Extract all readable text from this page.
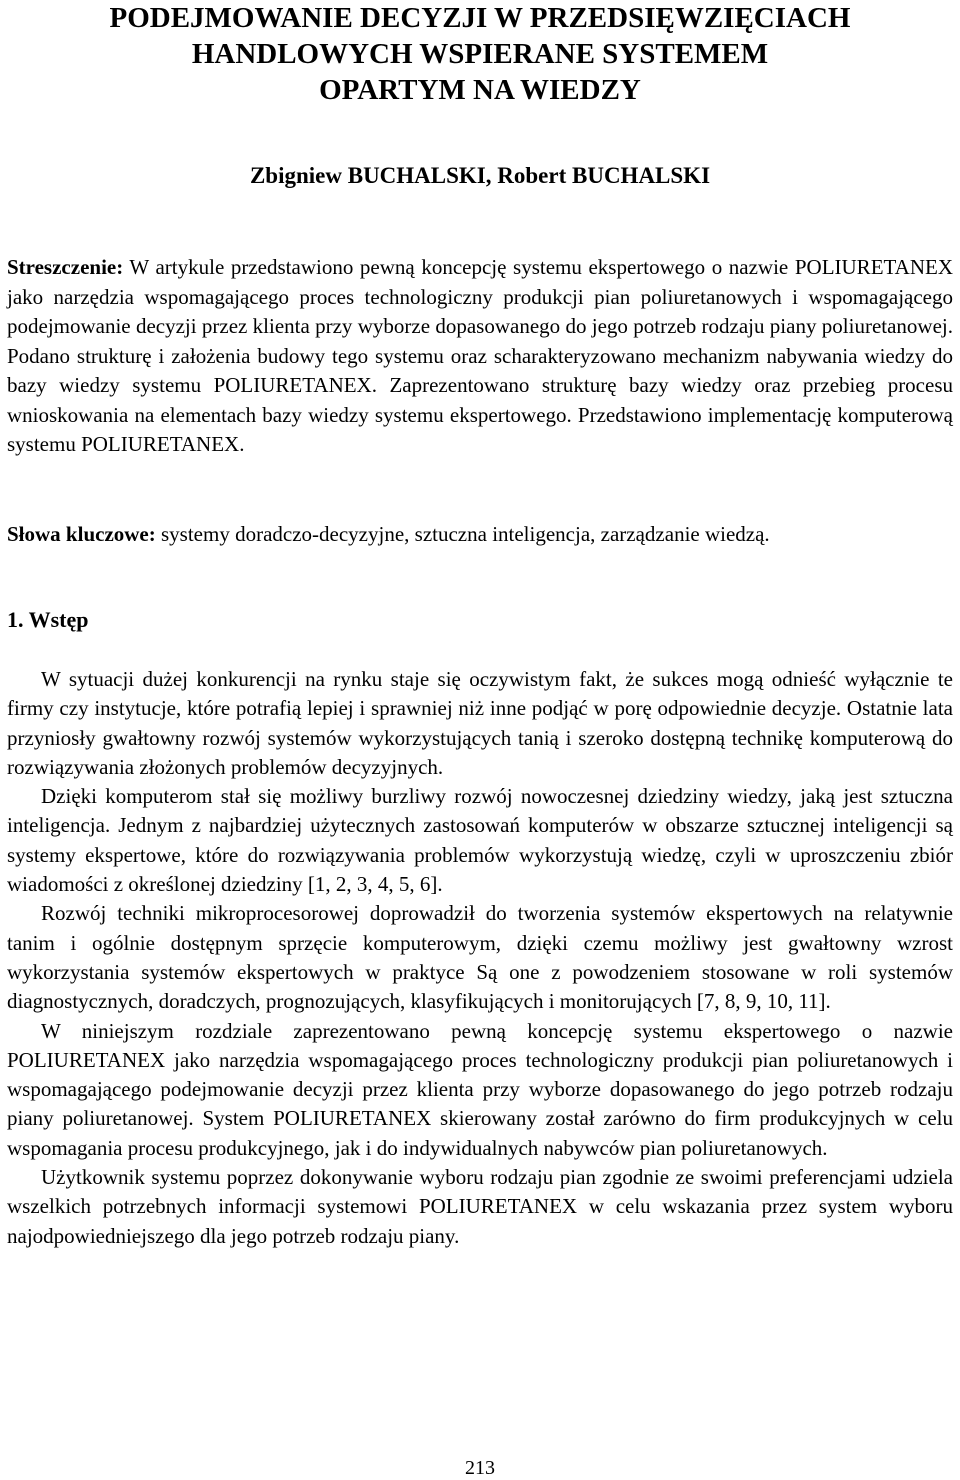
PODEJMOWANIE DECYZJI W PRZEDSIĘWZIĘCIACH
HANDLOWYCH WSPIERANE SYSTEMEM
OPARTYM NA WIEDZY

Zbigniew BUCHALSKI, Robert BUCHALSKI

Streszczenie: W artykule przedstawiono pewną koncepcję systemu ekspertowego o nazwie POLIURETANEX jako narzędzia wspomagającego proces technologiczny produkcji pian poliuretanowych i wspomagającego podejmowanie decyzji przez klienta przy wyborze dopasowanego do jego potrzeb rodzaju piany poliuretanowej. Podano strukturę i założenia budowy tego systemu oraz scharakteryzowano mechanizm nabywania wiedzy do bazy wiedzy systemu POLIURETANEX. Zaprezentowano strukturę bazy wiedzy oraz przebieg procesu wnioskowania na elementach bazy wiedzy systemu ekspertowego. Przedstawiono implementację komputerową systemu POLIURETANEX.

Słowa kluczowe: systemy doradczo-decyzyjne, sztuczna inteligencja, zarządzanie wiedzą.

1. Wstęp

W sytuacji dużej konkurencji na rynku staje się oczywistym fakt, że sukces mogą odnieść wyłącznie te firmy czy instytucje, które potrafią lepiej i sprawniej niż inne podjąć w porę odpowiednie decyzje. Ostatnie lata przyniosły gwałtowny rozwój systemów wykorzystujących tanią i szeroko dostępną technikę komputerową do rozwiązywania złożonych problemów decyzyjnych.

Dzięki komputerom stał się możliwy burzliwy rozwój nowoczesnej dziedziny wiedzy, jaką jest sztuczna inteligencja. Jednym z najbardziej użytecznych zastosowań komputerów w obszarze sztucznej inteligencji są systemy ekspertowe, które do rozwiązywania problemów wykorzystują wiedzę, czyli w uproszczeniu zbiór wiadomości z określonej dziedziny [1, 2, 3, 4, 5, 6].

Rozwój techniki mikroprocesorowej doprowadził do tworzenia systemów ekspertowych na relatywnie tanim i ogólnie dostępnym sprzęcie komputerowym, dzięki czemu możliwy jest gwałtowny wzrost wykorzystania systemów ekspertowych w praktyce Są one z powodzeniem stosowane w roli systemów diagnostycznych, doradczych, prognozujących, klasyfikujących i monitorujących [7, 8, 9, 10, 11].

W niniejszym rozdziale zaprezentowano pewną koncepcję systemu ekspertowego o nazwie POLIURETANEX jako narzędzia wspomagającego proces technologiczny produkcji pian poliuretanowych i wspomagającego podejmowanie decyzji przez klienta przy wyborze dopasowanego do jego potrzeb rodzaju piany poliuretanowej. System POLIURETANEX skierowany został zarówno do firm produkcyjnych w celu wspomagania procesu produkcyjnego, jak i do indywidualnych nabywców pian poliuretanowych.

Użytkownik systemu poprzez dokonywanie wyboru rodzaju pian zgodnie ze swoimi preferencjami udziela wszelkich potrzebnych informacji systemowi POLIURETANEX w celu wskazania przez system wyboru najodpowiedniejszego dla jego potrzeb rodzaju piany.

213
